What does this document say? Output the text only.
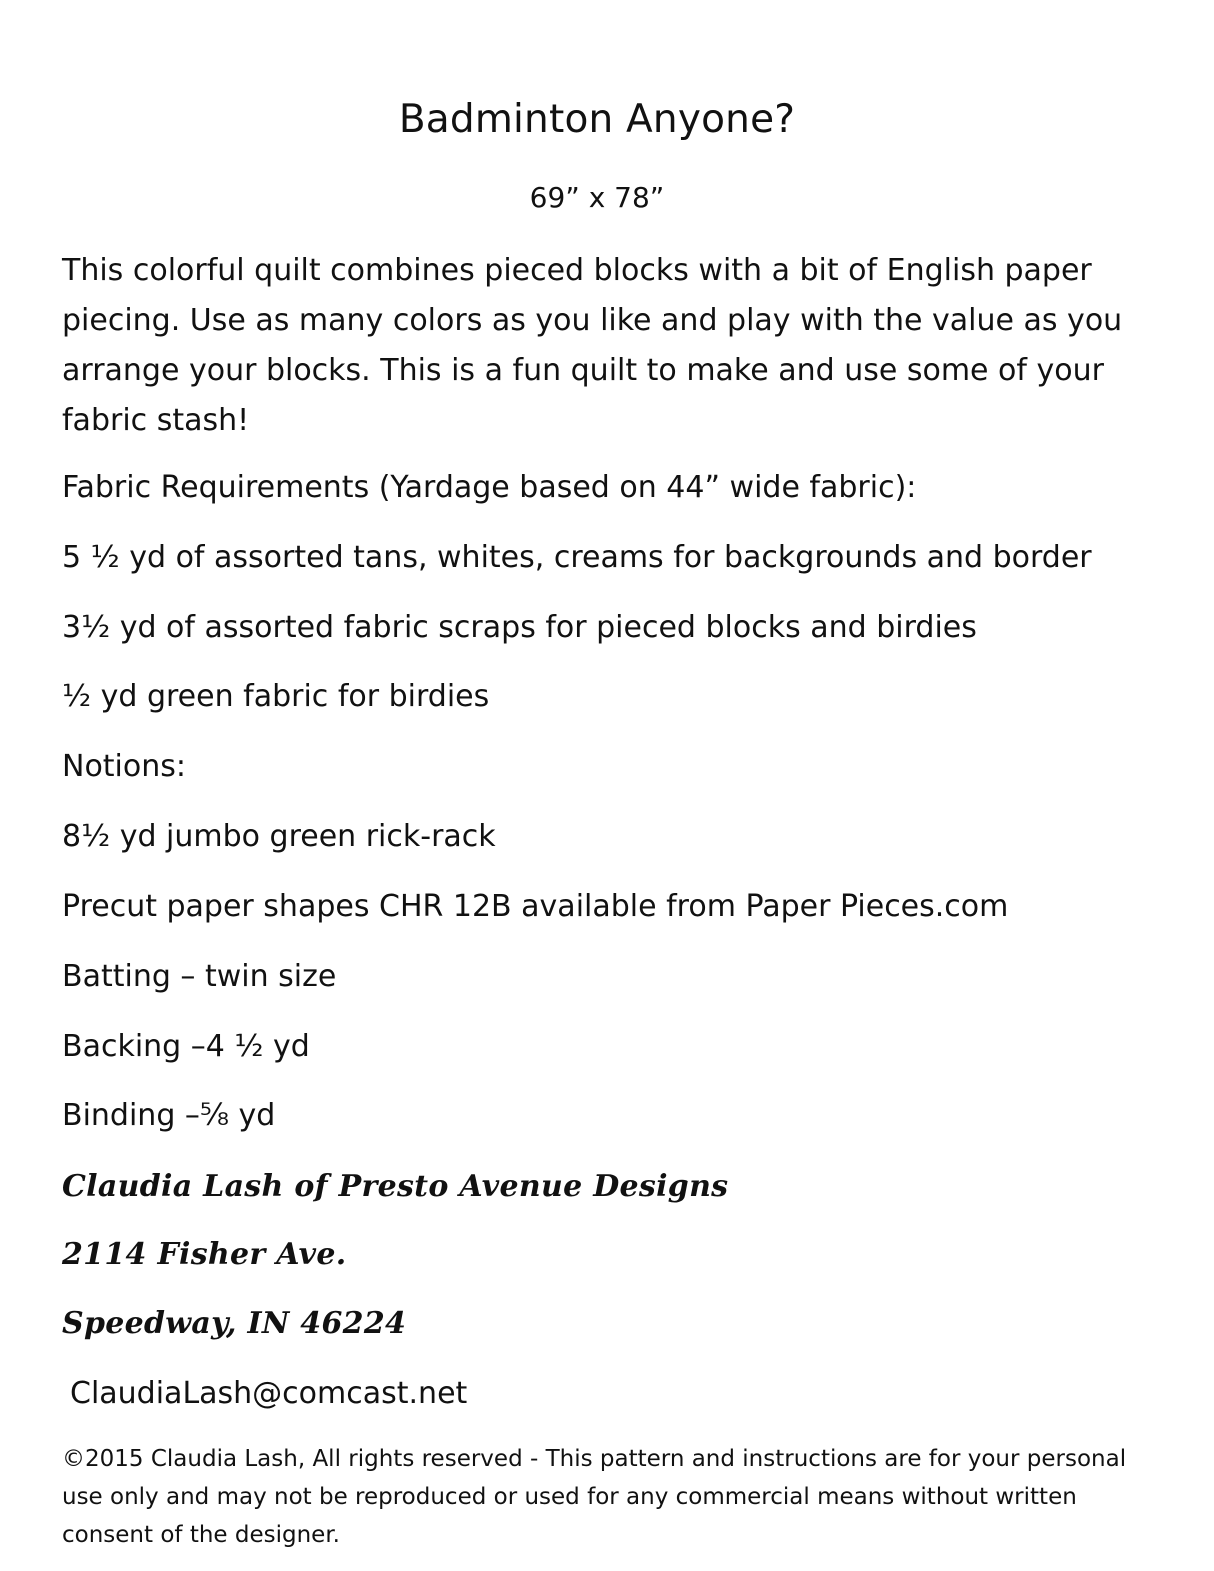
Badminton Anyone?
69” x 78”

This colorful quilt combines pieced blocks with a bit of English paper piecing. Use as many colors as you like and play with the value as you arrange your blocks. This is a fun quilt to make and use some of your fabric stash!

Fabric Requirements (Yardage based on 44” wide fabric):
5 ½ yd of assorted tans, whites, creams for backgrounds and border
3½ yd of assorted fabric scraps for pieced blocks and birdies
½ yd green fabric for birdies
Notions:
8½ yd jumbo green rick-rack
Precut paper shapes CHR 12B available from Paper Pieces.com
Batting – twin size
Backing –4 ½ yd
Binding –⅝ yd
Claudia Lash of Presto Avenue Designs
2114 Fisher Ave.
Speedway, IN 46224
ClaudiaLash@comcast.net

©2015 Claudia Lash, All rights reserved - This pattern and instructions are for your personal use only and may not be reproduced or used for any commercial means without written consent of the designer.
